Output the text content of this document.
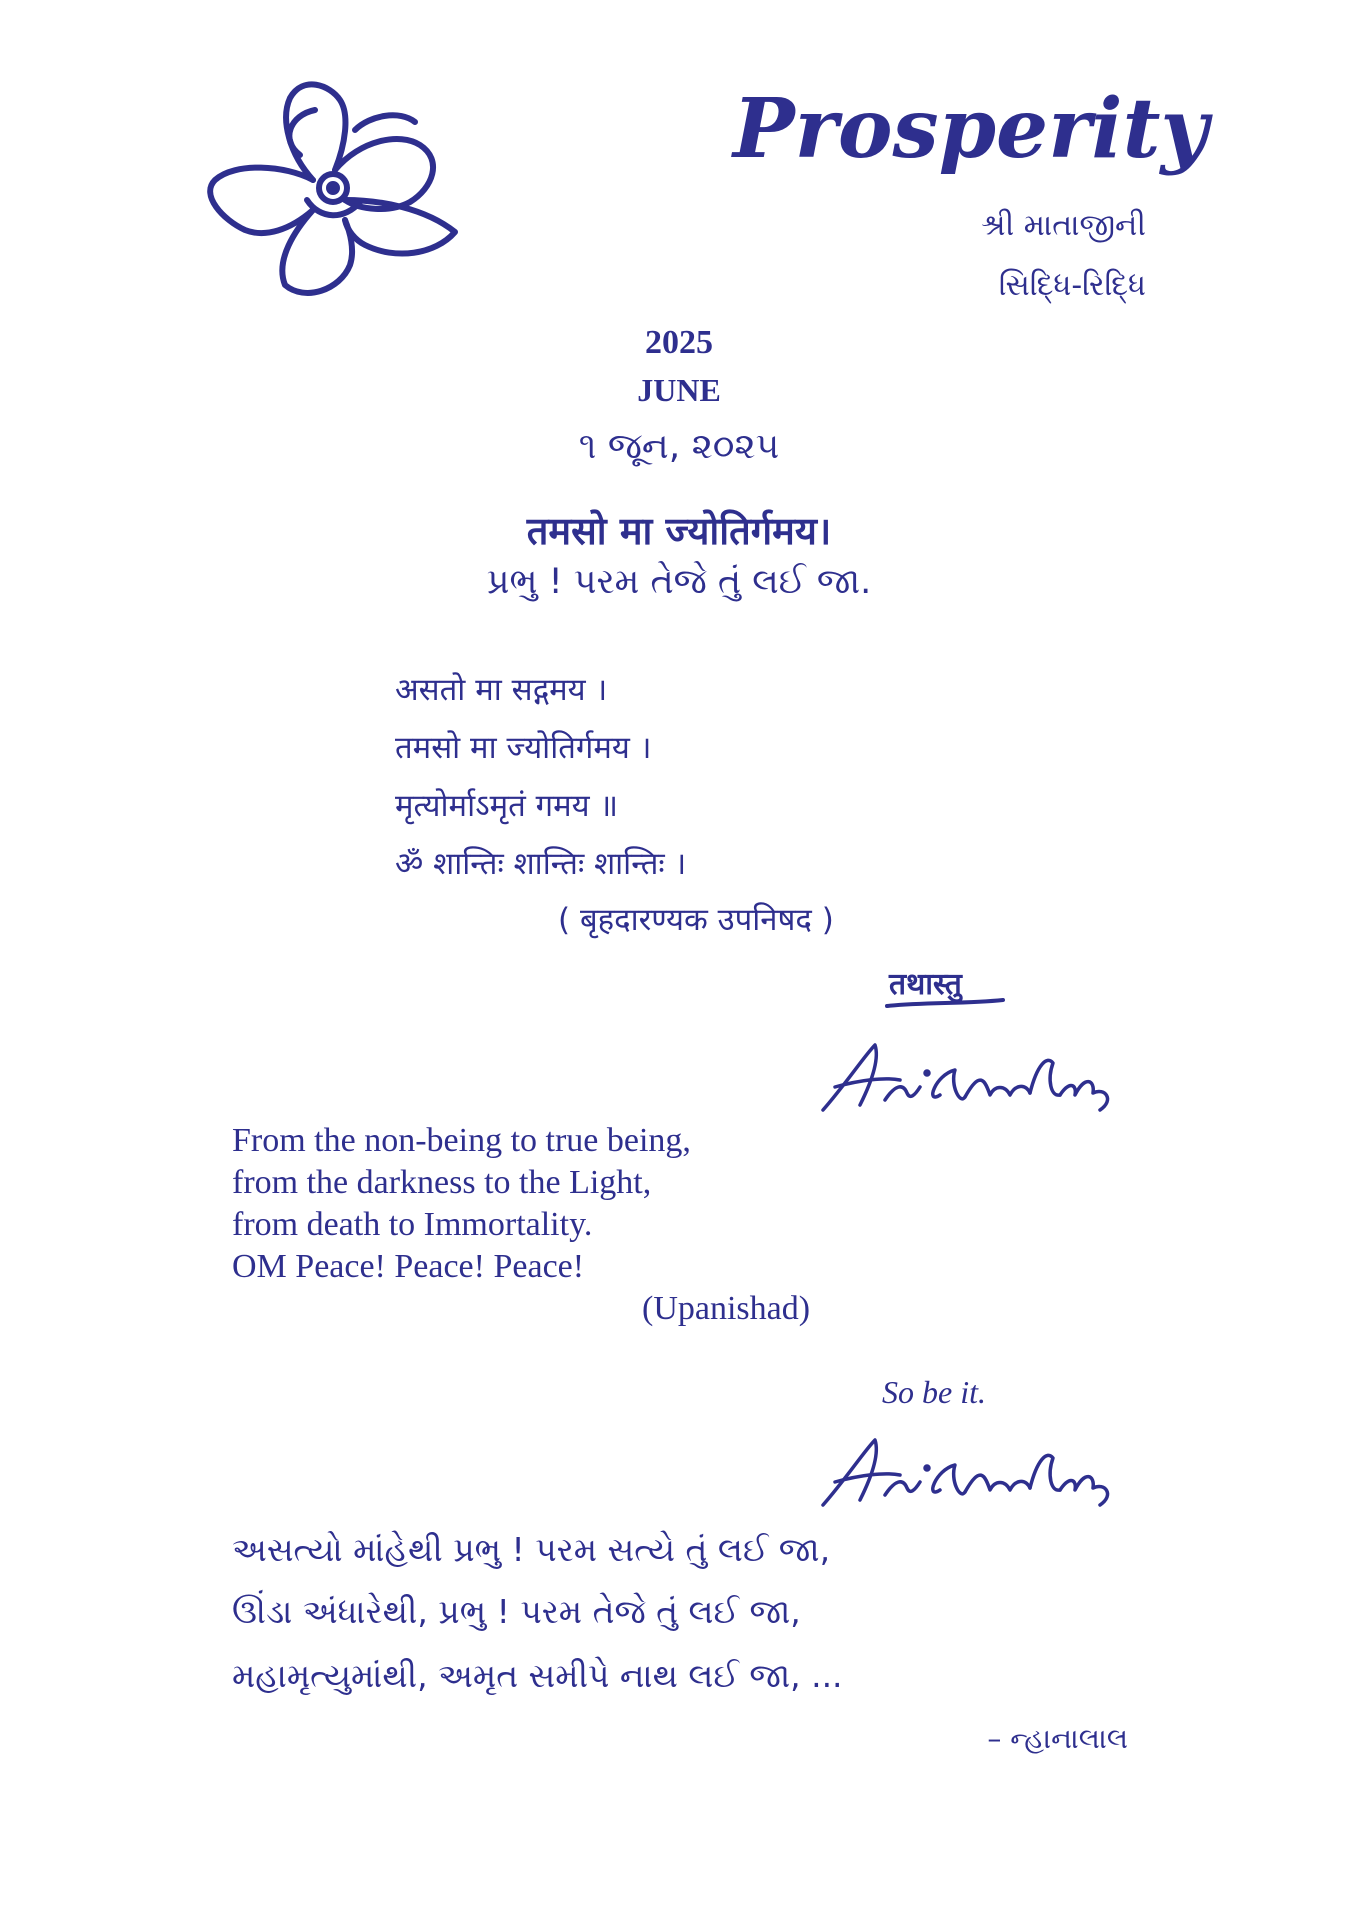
Prosperity
શ્રી માતાજીની
સિદ્ધિ-રિદ્ધિ
2025
JUNE
૧ જૂન, ૨૦૨૫
तमसो मा ज्योतिर्गमय।
પ્રભુ ! પરમ તેજે તું લઈ જા.
असतो मा सद्गमय ।
तमसो मा ज्योतिर्गमय ।
मृत्योर्माऽमृतं गमय ॥
ॐ शान्तिः शान्तिः शान्तिः ।
( बृहदारण्यक उपनिषद )
तथास्तु
From the non-being to true being,
from the darkness to the Light,
from death to Immortality.
OM Peace! Peace! Peace!
(Upanishad)
So be it.
અસત્યો માંહેથી પ્રભુ ! પરમ સત્યે તું લઈ જા,
ઊંડા અંધારેથી, પ્રભુ ! પરમ તેજે તું લઈ જા,
મહામૃત્યુમાંથી, અમૃત સમીપે નાથ લઈ જા, ...
– ન્હાનાલાલ
